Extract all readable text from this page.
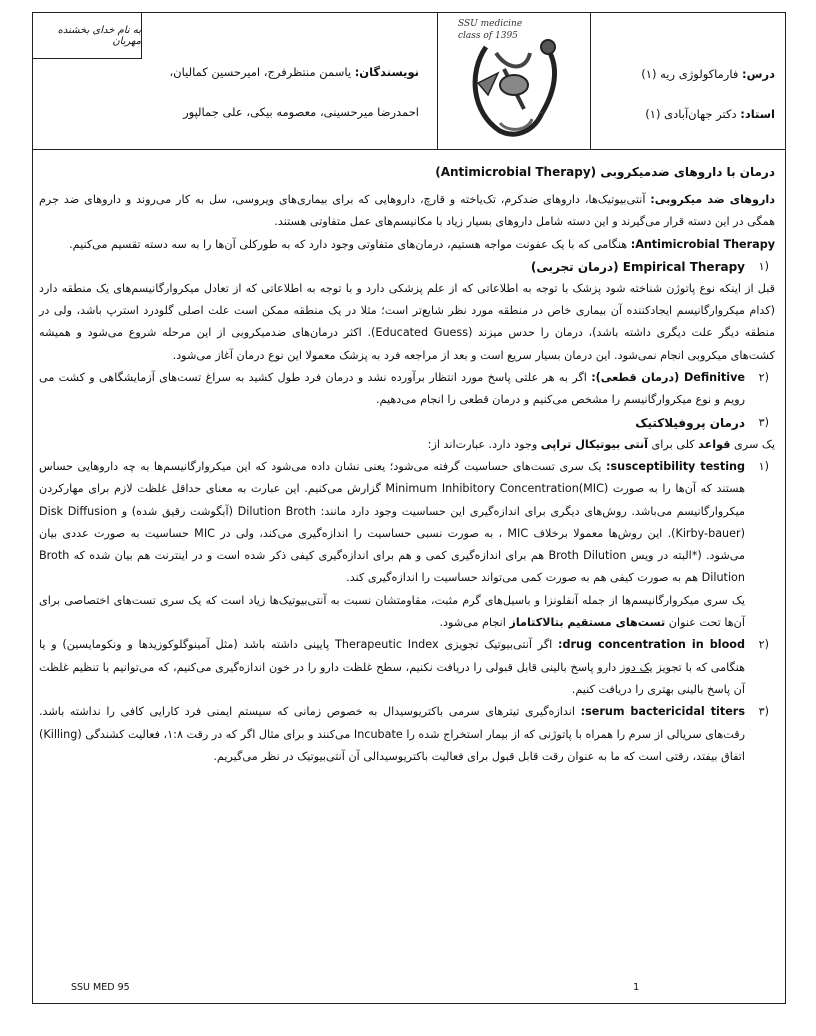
به نام خدای بخشنده مهربان
نویسندگان: یاسمن منتظرفرج، امیرحسین کمالیان،
احمدرضا میرحسینی، معصومه بیکی، علی جمالپور
SSU medicine
class of 1395
درس: فارماکولوژی ریه (۱)
استاد: دکتر جهان‌آبادی (۱)

درمان با داروهای ضدمیکروبی (Antimicrobial Therapy)

داروهای ضد میکروبی: آنتی‌بیوتیک‌ها، داروهای ضدکرم، تک‌یاخته و قارچ، داروهایی که برای بیماری‌های ویروسی، سل به کار می‌روند و داروهای ضد جرم همگی در این دسته قرار می‌گیرند و این دسته شامل داروهای بسیار زیاد با مکانیسم‌های عمل متفاوتی هستند.

Antimicrobial Therapy: هنگامی که با یک عفونت مواجه هستیم، درمان‌های متفاوتی وجود دارد که به طورکلی آن‌ها را به سه دسته تقسیم می‌کنیم.

۱)

Empirical Therapy (درمان تجربی)

قبل از اینکه نوع پاتوژن شناخته شود پزشک با توجه به اطلاعاتی که از علم پزشکی دارد و با توجه به اطلاعاتی که از تعادل میکروارگانیسم‌های یک منطقه دارد (کدام میکروارگانیسم ایجادکننده آن بیماری خاص در منطقه مورد نظر شایع‌تر است؛ مثلا در یک منطقه ممکن است علت اصلی گلودرد استرپ باشد، ولی در منطقه دیگر علت دیگری داشته باشد)، درمان را حدس میزند (Educated Guess). اکثر درمان‌های ضدمیکروبی از این مرحله شروع می‌شود و همیشه کشت‌های میکروبی انجام نمی‌شود. این درمان بسیار سریع است و بعد از مراجعه فرد به پزشک معمولا این نوع درمان آغاز می‌شود.

۲)

Definitive (درمان قطعی): اگر به هر علتی پاسخ مورد انتظار برآورده نشد و درمان فرد طول کشید به سراغ تست‌های آزمایشگاهی و کشت می رویم و نوع میکروارگانیسم را مشخص می‌کنیم و درمان قطعی را انجام می‌دهیم.

۳)

درمان پروفیلاکتیک

یک سری قواعد کلی برای آنتی بیوتیکال تراپی وجود دارد. عبارت‌اند از:

۱)

susceptibility testing: یک سری تست‌های حساسیت گرفته می‌شود؛ یعنی نشان داده می‌شود که این میکروارگانیسم‌ها به چه داروهایی حساس هستند که آن‌ها را به صورت Minimum Inhibitory Concentration(MIC) گزارش می‌کنیم. این عبارت به معنای حداقل غلظت لازم برای مهارکردن میکروارگانیسم می‌باشد. روش‌های دیگری برای اندازه‌گیری این حساسیت وجود دارد مانند: Dilution Broth (آبگوشت رقیق شده) و Disk Diffusion (Kirby-bauer). این روش‌ها معمولا برخلاف MIC ، به صورت نسبی حساسیت را اندازه‌گیری می‌کند، ولی در MIC حساسیت به صورت عددی بیان می‌شود. (*البته در ویس Broth Dilution هم برای اندازه‌گیری کمی و هم برای اندازه‌گیری کیفی ذکر شده است و در اینترنت هم بیان شده که Broth Dilution هم به صورت کیفی هم به صورت کمی می‌تواند حساسیت را اندازه‌گیری کند.

یک سری میکروارگانیسم‌ها از جمله آنفلونزا و باسیل‌های گرم مثبت، مقاومتشان نسبت به آنتی‌بیوتیک‌ها زیاد است که یک سری تست‌های اختصاصی برای آن‌ها تحت عنوان تست‌های مستقیم بتالاکتاماز انجام می‌شود.

۲)

drug concentration in blood: اگر آنتی‌بیوتیک تجویزی Therapeutic Index پایینی داشته باشد (مثل آمینوگلوکوزیدها و ونکومایسین) و یا هنگامی که با تجویز یک دوز دارو پاسخ بالینی قابل قبولی را دریافت نکنیم، سطح غلظت دارو را در خون اندازه‌گیری می‌کنیم، که می‌توانیم با تنظیم غلظت آن پاسخ بالینی بهتری را دریافت کنیم.

۳)

serum bactericidal titers: اندازه‌گیری تیترهای سرمی باکتریوسیدال به خصوص زمانی که سیستم ایمنی فرد کارایی کافی را نداشته باشد. رقت‌های سریالی از سرم را همراه با پاتوژنی که از بیمار استخراج شده را Incubate می‌کنند و برای مثال اگر که در رقت ۱:۸، فعالیت کشندگی (Killing) اتفاق بیفتد، رقتی است که ما به عنوان رقت قابل قبول برای فعالیت باکتریوسیدالی آن آنتی‌بیوتیک در نظر می‌گیریم.

SSU MED 95	1
